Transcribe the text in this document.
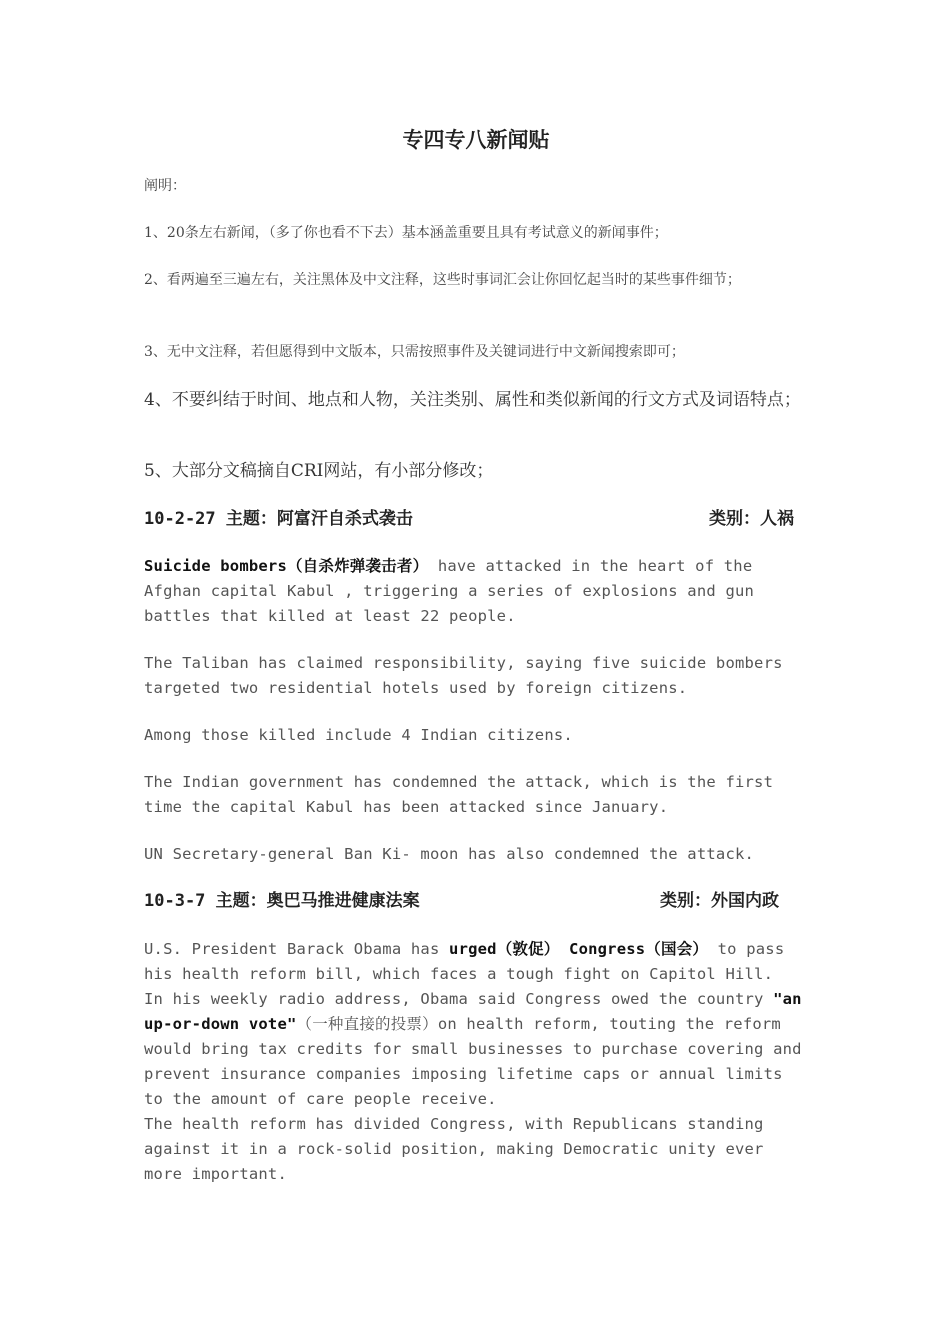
专四专八新闻贴

阐明：

1、20条左右新闻，（多了你也看不下去）基本涵盖重要且具有考试意义的新闻事件；

2、看两遍至三遍左右，关注黑体及中文注释，这些时事词汇会让你回忆起当时的某些事件细节；

3、无中文注释，若但愿得到中文版本，只需按照事件及关键词进行中文新闻搜索即可；

4、不要纠结于时间、地点和人物，关注类别、属性和类似新闻的行文方式及词语特点；

5、大部分文稿摘自CRI网站，有小部分修改；

10-2-27 主题：阿富汗自杀式袭击	类别：人祸

Suicide bombers（自杀炸弹袭击者） have attacked in the heart of the Afghan capital Kabul , triggering a series of explosions and gun battles that killed at least 22 people.

The Taliban has claimed responsibility, saying five suicide bombers targeted two residential hotels used by foreign citizens.

Among those killed include 4 Indian citizens.

The Indian government has condemned the attack, which is the first time the capital Kabul has been attacked since January.

UN Secretary-general Ban Ki- moon has also condemned the attack.

10-3-7 主题：奥巴马推进健康法案	类别：外国内政

U.S. President Barack Obama has urged（敦促） Congress（国会） to pass his health reform bill, which faces a tough fight on Capitol Hill.
In his weekly radio address, Obama said Congress owed the country "an up-or-down vote"（一种直接的投票）on health reform, touting the reform would bring tax credits for small businesses to purchase covering and prevent insurance companies imposing lifetime caps or annual limits to the amount of care people receive.
The health reform has divided Congress, with Republicans standing against it in a rock-solid position, making Democratic unity ever more important.
